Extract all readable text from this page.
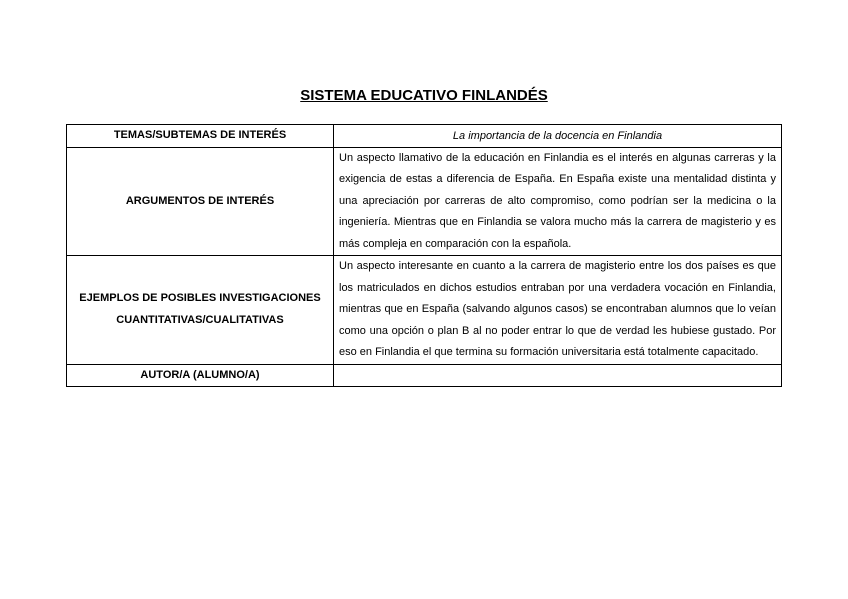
SISTEMA EDUCATIVO FINLANDÉS
TEMAS/SUBTEMAS DE INTERÉS	La importancia de la docencia en Finlandia
ARGUMENTOS DE INTERÉS	Un aspecto llamativo de la educación en Finlandia es el interés en algunas carreras y la exigencia de estas a diferencia de España. En España existe una mentalidad distinta y una apreciación por carreras de alto compromiso, como podrían ser la medicina o la ingeniería. Mientras que en Finlandia se valora mucho más la carrera de magisterio y es más compleja en comparación con la española.
EJEMPLOS DE POSIBLES INVESTIGACIONES CUANTITATIVAS/CUALITATIVAS	Un aspecto interesante en cuanto a la carrera de magisterio entre los dos países es que los matriculados en dichos estudios entraban por una verdadera vocación en Finlandia, mientras que en España (salvando algunos casos) se encontraban alumnos que lo veían como una opción o plan B al no poder entrar lo que de verdad les hubiese gustado. Por eso en Finlandia el que termina su formación universitaria está totalmente capacitado.
AUTOR/A (ALUMNO/A)	
